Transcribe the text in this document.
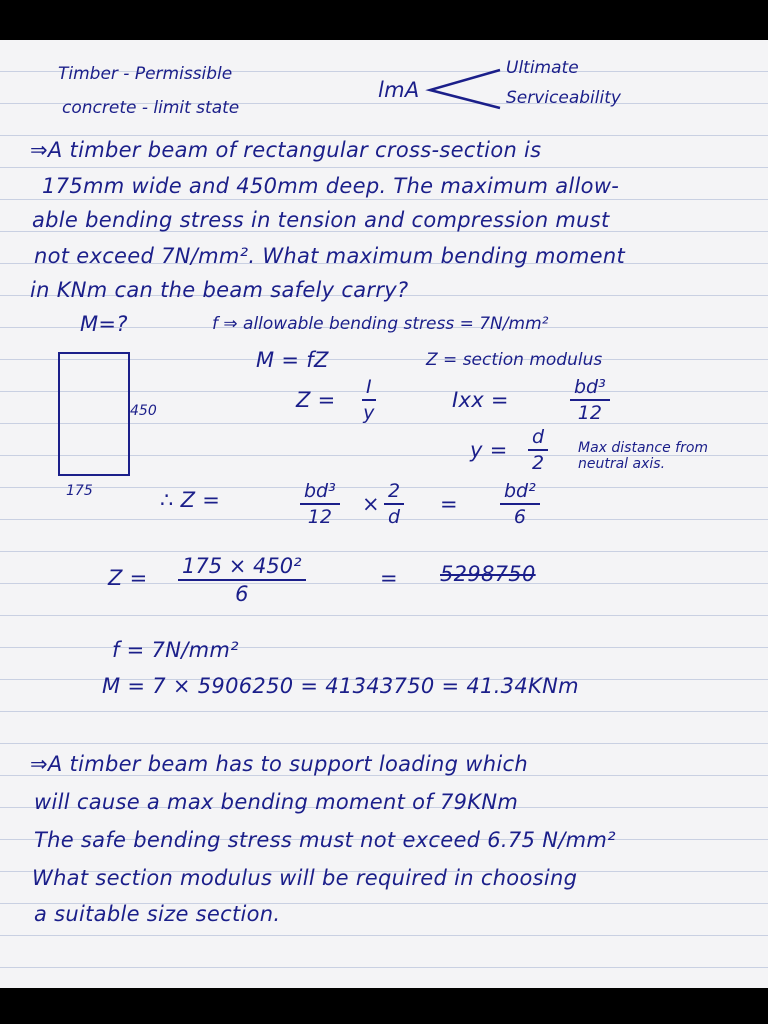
Timber - Permissible
concrete - limit state
lmA
Ultimate
Serviceability
⇒A timber beam of rectangular cross-section is
175mm wide and 450mm deep. The maximum allow-
able bending stress in tension and compression must
not exceed 7N/mm². What maximum bending moment
in KNm can the beam safely carry?
M=?	f ⇒ allowable bending stress = 7N/mm²
M = fZ	Z = section modulus
450
175
$Z = \frac{I}{y}$	Ixx =	$\frac{\text{bd³}}{12}$
$y = \frac{d}{2}$ Max distance from neutral axis.
∴ Z =	$\frac{\text{bd³}}{12} \times \frac{2}{d} = \frac{\text{bd²}}{6}$
$Z = \frac{\text{175 × 450²}}{6}$	= 5298750
f = 7N/mm²
M = 7 × 5906250 = 41343750 = 41.34KNm
⇒A timber beam has to support loading which
will cause a max bending moment of 79KNm
The safe bending stress must not exceed 6.75 N/mm²
What section modulus will be required in choosing
a suitable size section.
